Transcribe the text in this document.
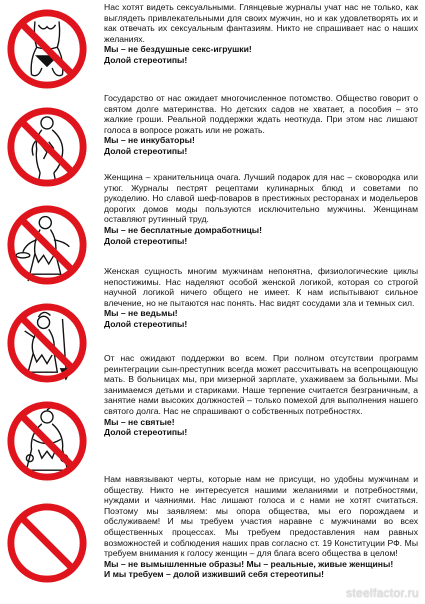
Нас хотят видеть сексуальными. Глянцевые журналы учат нас не только, как выглядеть привлекательными для своих мужчин, но и как удовлетворять их и как отвечать их сексуальным фантазиям. Никто не спрашивает нас о наших желаниях.

Мы – не бездушные секс-игрушки!

Долой стереотипы!

Государство от нас ожидает многочисленное потомство. Общество говорит о святом долге материнства. Но детских садов не хватает, а пособия – это жалкие гроши. Реальной поддержки ждать неоткуда. При этом нас лишают голоса в вопросе рожать или не рожать.

Мы – не инкубаторы!

Долой стереотипы!

Женщина – хранительница очага. Лучший подарок для нас – сковородка или утюг. Журналы пестрят рецептами кулинарных блюд и советами по рукоделию. Но славой шеф-поваров в престижных ресторанах и модельеров дорогих домов моды пользуются исключительно мужчины. Женщинам оставляют рутинный труд.

Мы – не бесплатные домработницы!

Долой стереотипы!

Женская сущность многим мужчинам непонятна, физиологические циклы непостижимы. Нас наделяют особой женской логикой, которая со строгой научной логикой ничего общего не имеет. К нам испытывают сильное влечение, но не пытаются нас понять. Нас видят сосудами зла и темных сил.

Мы – не ведьмы!

Долой стереотипы!

От нас ожидают поддержки во всем. При полном отсутствии программ реинтеграции сын-преступник всегда может рассчитывать на всепрощающую мать. В больницах мы, при мизерной зарплате, ухаживаем за больными. Мы занимаемся детьми и стариками. Наше терпение считается безграничным, а занятие нами высоких должностей – только помехой для выполнения нашего святого долга. Нас не спрашивают о собственных потребностях.

Мы – не святые!

Долой стереотипы!

Нам навязывают черты, которые нам не присущи, но удобны мужчинам и обществу. Никто не интересуется нашими желаниями и потребностями, нуждами и чаяниями. Нас лишают голоса и с нами не хотят считаться. Поэтому мы заявляем: мы опора общества, мы его порождаем и обслуживаем! И мы требуем участия наравне с мужчинами во всех общественных процессах. Мы требуем предоставления нам равных возможностей и соблюдения наших прав согласно ст. 19 Конституции РФ. Мы требуем внимания к голосу женщин – для блага всего общества в целом!

Мы – не вымышленные образы! Мы – реальные, живые женщины!

И мы требуем – долой изживший себя стереотипы!

steelfactor.ru
